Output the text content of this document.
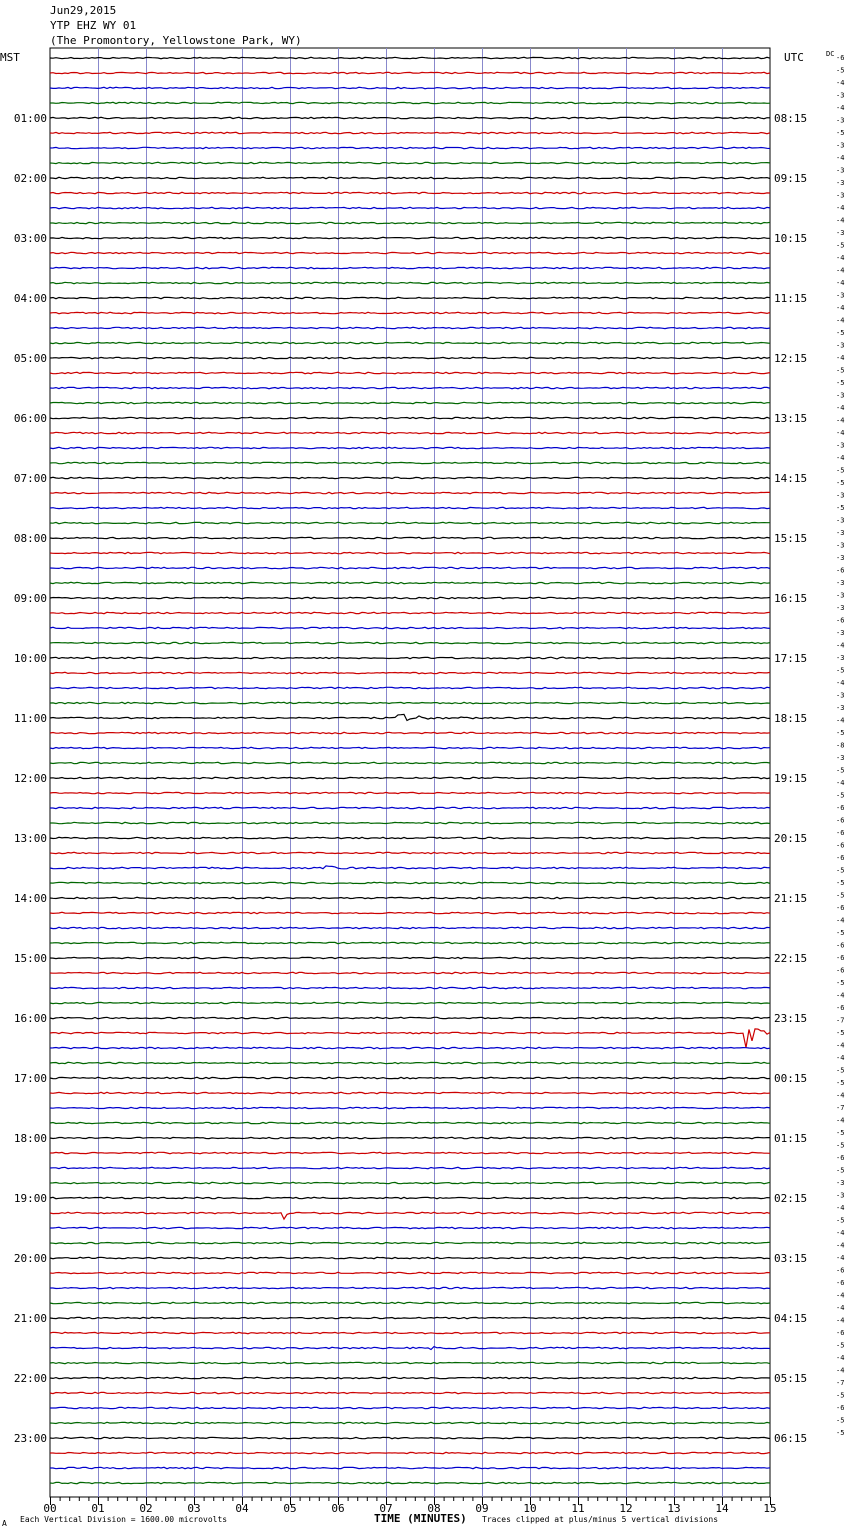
Jun29,2015
YTP EHZ WY 01
(The Promontory, Yellowstone Park, WY)
01:00
02:00
03:00
04:00
05:00
06:00
07:00
08:00
09:00
10:00
11:00
12:00
13:00
14:00
15:00
16:00
17:00
18:00
19:00
20:00
21:00
22:00
23:00
08:15
09:15
10:15
11:15
12:15
13:15
14:15
15:15
16:15
17:15
18:15
19:15
20:15
21:15
22:15
23:15
00:15
01:15
02:15
03:15
04:15
05:15
06:15
MST	UTC	DC -6
-5
-4
-3
-4
-3
-5
-3
-4
-3
-3
-3
-4
-4
-3
-5
-4
-4
-4
-3
-4
-4
-5
-3
-4
-5
-5
-3
-4
-4
-4
-3
-4
-5
-5
-3
-5
-3
-3
-3
-3
-6
-3
-3
-3
-6
-3
-4
-3
-5
-4
-3
-3
-4
-5
-8
-3
-5
-4
-5
-6
-6
-6
-6
-6
-5
-5
-5
-6
-4
-5
-6
-6
-6
-5
-4
-6
-7
-5
-4
-4
-5
-5
-4
-7
-4
-5
-5
-6
-5
-3
-3
-4
-5
-4
-4
-4
-6
-6
-4
-4
-4
-6
-5
-4
-4
-7
-5
-6
-5
-5
00	01	02	03	04	05	06	07	08	09	10	11	12	13	14	15
A Each Vertical Division = 1600.00 microvolts	TIME (MINUTES) Traces clipped at plus/minus 5 vertical divisions
